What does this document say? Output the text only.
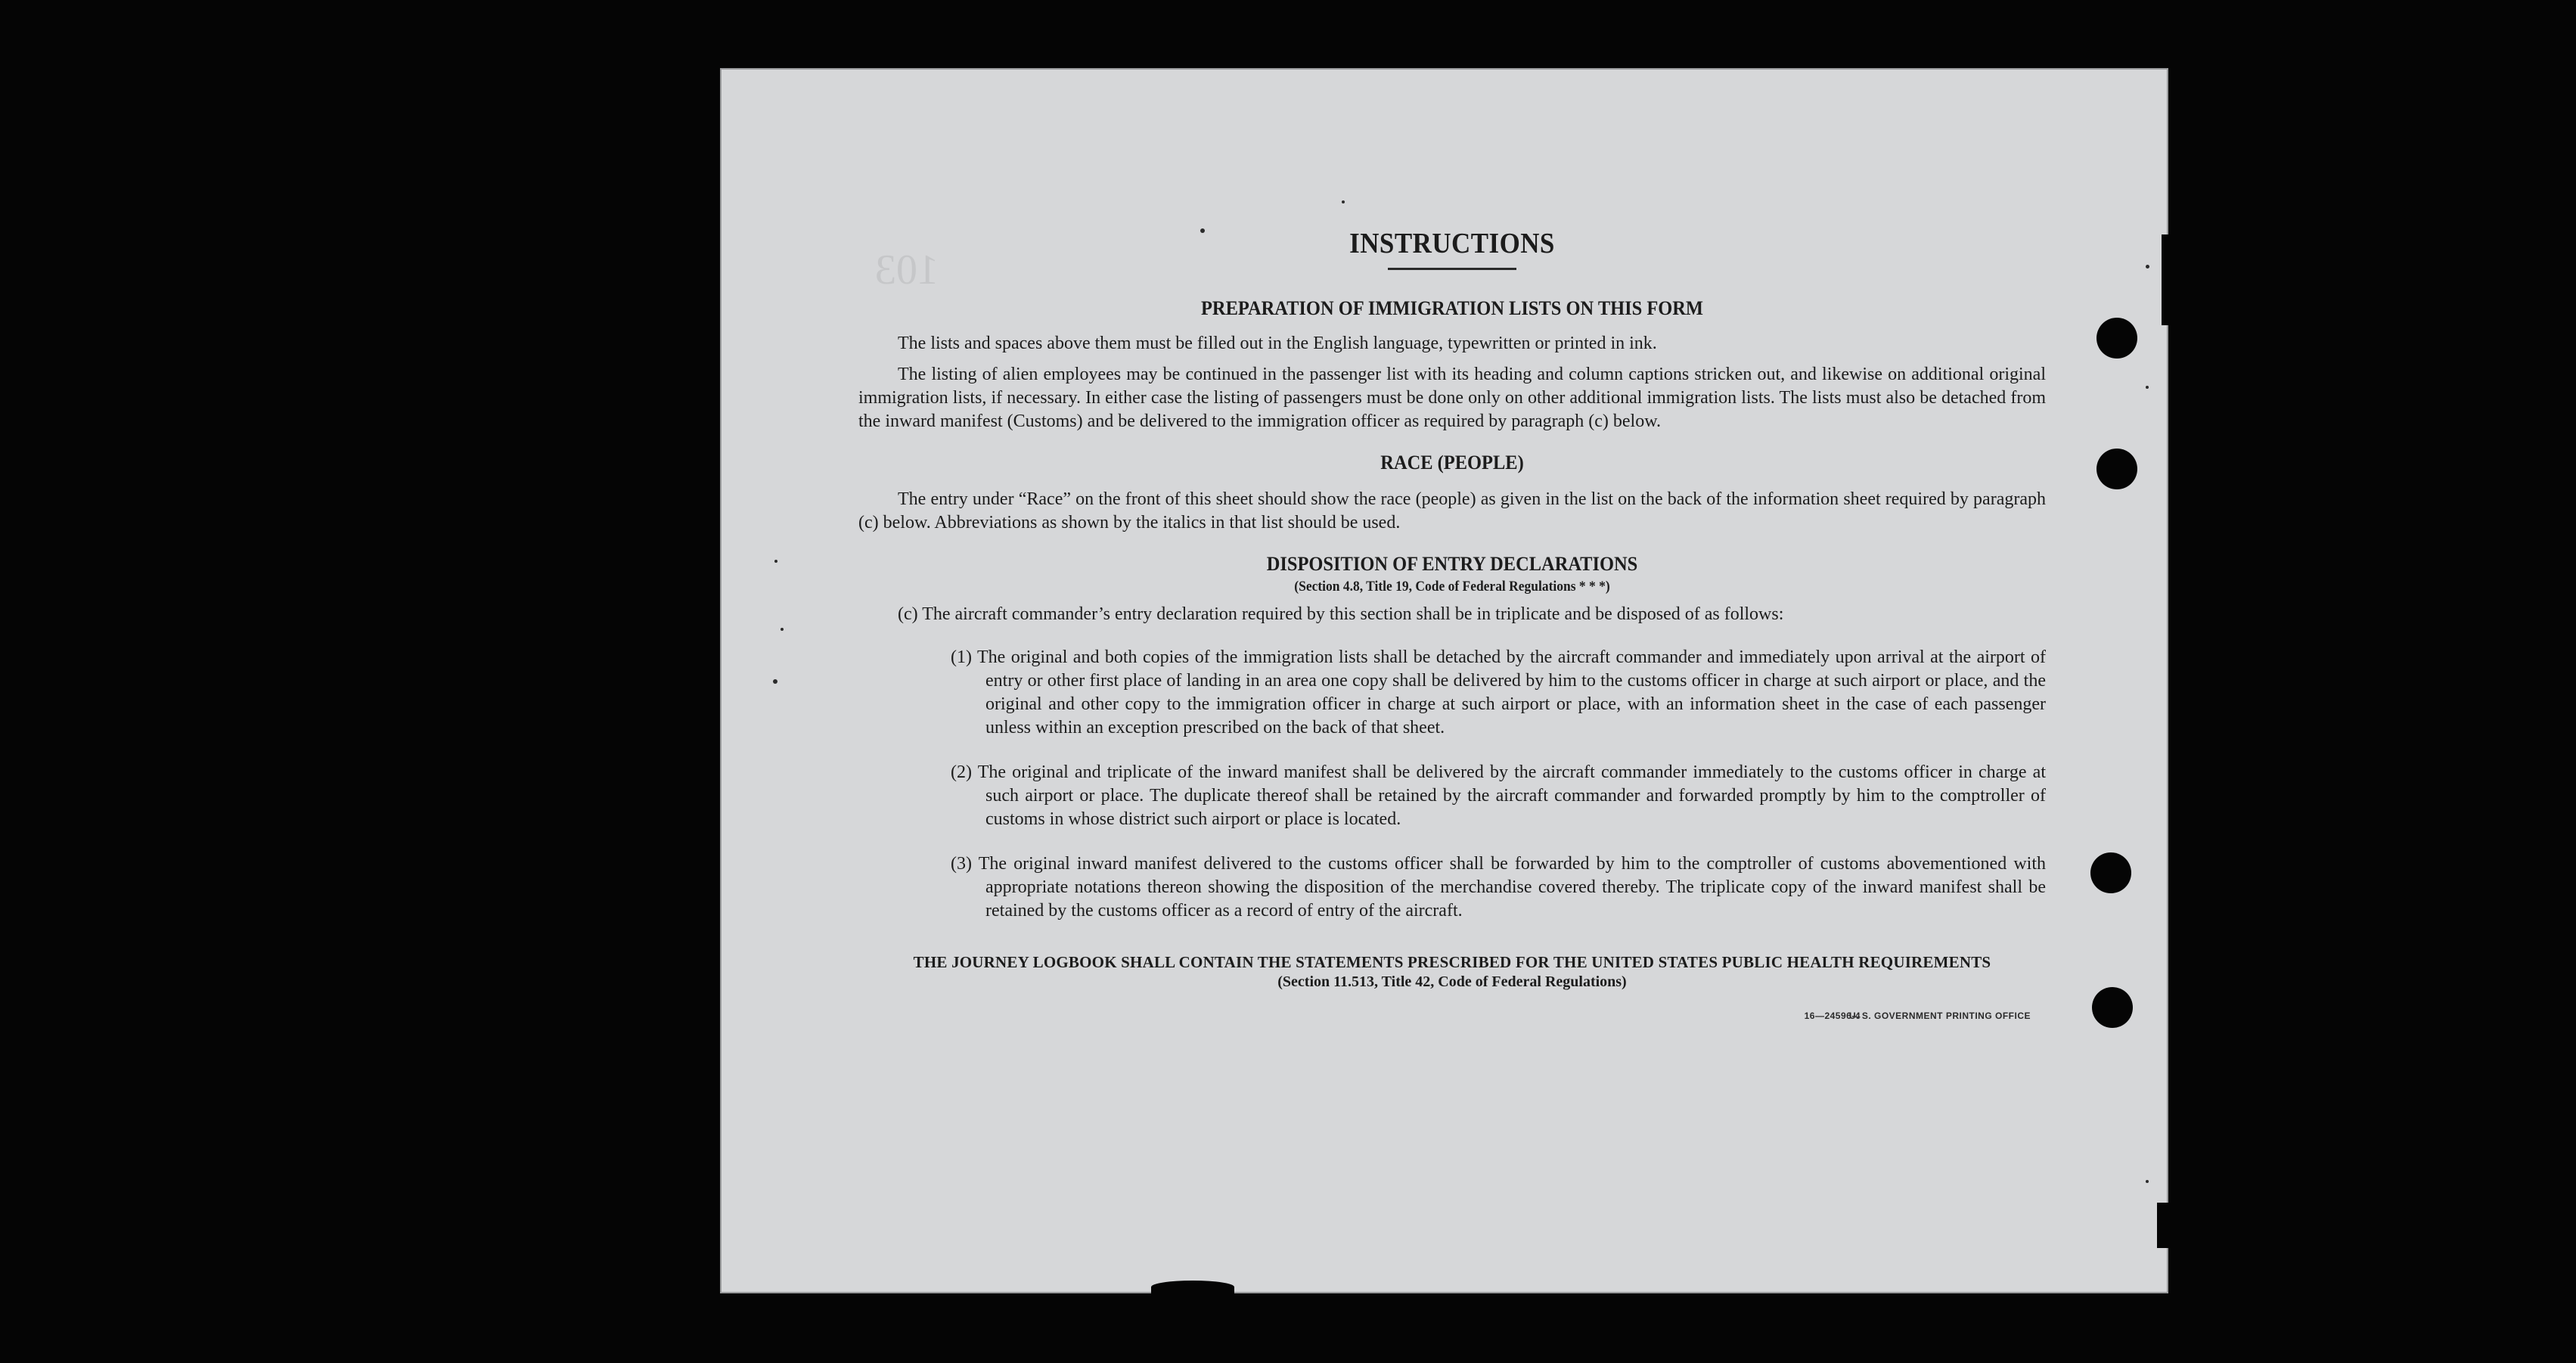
103
INSTRUCTIONS
PREPARATION OF IMMIGRATION LISTS ON THIS FORM

The lists and spaces above them must be filled out in the English language, typewritten or printed in ink.

The listing of alien employees may be continued in the passenger list with its heading and column captions stricken out, and likewise on additional original immigration lists, if necessary. In either case the listing of passengers must be done only on other additional immigration lists. The lists must also be detached from the inward manifest (Customs) and be delivered to the immigration officer as required by paragraph (c) below.

RACE (PEOPLE)

The entry under “Race” on the front of this sheet should show the race (people) as given in the list on the back of the information sheet required by paragraph (c) below. Abbreviations as shown by the italics in that list should be used.

DISPOSITION OF ENTRY DECLARATIONS

(Section 4.8, Title 19, Code of Federal Regulations * * *)

(c) The aircraft commander’s entry declaration required by this section shall be in triplicate and be disposed of as follows:

(1) The original and both copies of the immigration lists shall be detached by the aircraft commander and immediately upon arrival at the airport of entry or other first place of landing in an area one copy shall be delivered by him to the customs officer in charge at such airport or place, and the original and other copy to the immigration officer in charge at such airport or place, with an information sheet in the case of each passenger unless within an exception prescribed on the back of that sheet.

(2) The original and triplicate of the inward manifest shall be delivered by the aircraft commander immediately to the customs officer in charge at such airport or place. The duplicate thereof shall be retained by the aircraft commander and forwarded promptly by him to the comptroller of customs in whose district such airport or place is located.

(3) The original inward manifest delivered to the customs officer shall be forwarded by him to the comptroller of customs abovementioned with appropriate notations thereon showing the disposition of the merchandise covered thereby. The triplicate copy of the inward manifest shall be retained by the customs officer as a record of entry of the aircraft.

THE JOURNEY LOGBOOK SHALL CONTAIN THE STATEMENTS PRESCRIBED FOR THE UNITED STATES PUBLIC HEALTH REQUIREMENTS

(Section 11.513, Title 42, Code of Federal Regulations)

16—24596-4
U. S. GOVERNMENT PRINTING OFFICE
